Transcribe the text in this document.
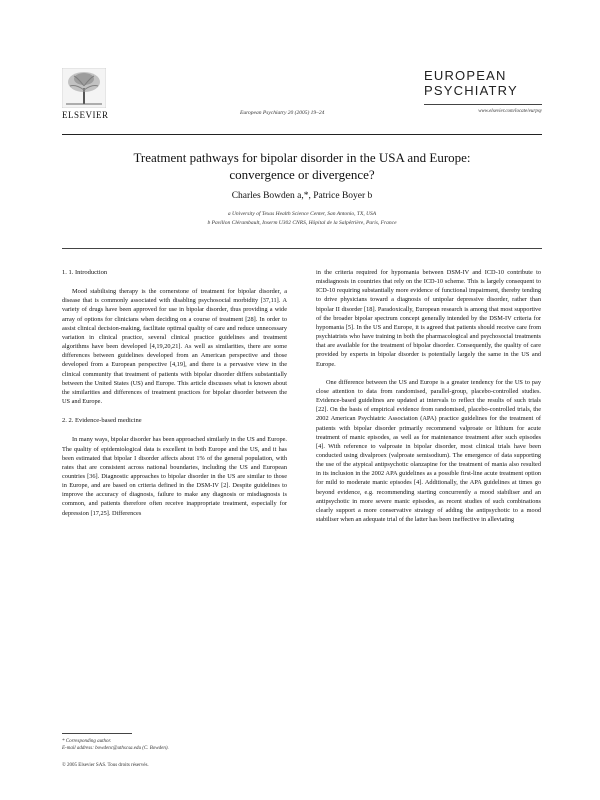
ELSEVIER	European Psychiatry 20 (2005) 19–24
EUROPEAN
PSYCHIATRY
www.elsevier.com/locate/eurpsy
Treatment pathways for bipolar disorder in the USA and Europe:
convergence or divergence?
Charles Bowden a,*, Patrice Boyer b
a University of Texas Health Science Center, San Antonio, TX, USA
b Pavillon Clérambault, Inserm U302 CNRS, Hôpital de la Salpêtrière, Paris, France
1. 1. Introduction

Mood stabilising therapy is the cornerstone of treatment for bipolar disorder, a disease that is commonly associated with disabling psychosocial morbidity [37,11]. A variety of drugs have been approved for use in bipolar disorder, thus providing a wide array of options for clinicians when deciding on a course of treatment [28]. In order to assist clinical decision-making, facilitate optimal quality of care and reduce unnecessary variation in clinical practice, several clinical practice guidelines and treatment algorithms have been developed [4,19,20,21]. As well as similarities, there are some differences between guidelines developed from an American perspective and those developed from a European perspective [4,19], and there is a pervasive view in the clinical community that treatment of patients with bipolar disorder differs substantially between the United States (US) and Europe. This article discusses what is known about the similarities and differences of treatment practices for bipolar disorder between the US and Europe.

2. 2. Evidence-based medicine

In many ways, bipolar disorder has been approached similarly in the US and Europe. The quality of epidemiological data is excellent in both Europe and the US, and it has been estimated that bipolar I disorder affects about 1% of the general population, with rates that are consistent across national boundaries, including the US and European countries [36]. Diagnostic approaches to bipolar disorder in the US are similar to those in Europe, and are based on criteria defined in the DSM-IV [2]. Despite guidelines to improve the accuracy of diagnosis, failure to make any diagnosis or misdiagnosis is common, and patients therefore often receive inappropriate treatment, especially for depression [17,25]. Differences

in the criteria required for hypomania between DSM-IV and ICD-10 contribute to misdiagnosis in countries that rely on the ICD-10 scheme. This is largely consequent to ICD-10 requiring substantially more evidence of functional impairment, thereby tending to drive physicians toward a diagnosis of unipolar depressive disorder, rather than bipolar II disorder [18]. Paradoxically, European research is among that most supportive of the broader bipolar spectrum concept generally intended by the DSM-IV criteria for hypomania [5]. In the US and Europe, it is agreed that patients should receive care from psychiatrists who have training in both the pharmacological and psychosocial treatments that are available for the treatment of bipolar disorder. Consequently, the quality of care provided by experts in bipolar disorder is potentially largely the same in the US and Europe.

One difference between the US and Europe is a greater tendency for the US to pay close attention to data from randomised, parallel-group, placebo-controlled studies. Evidence-based guidelines are updated at intervals to reflect the results of such trials [22]. On the basis of empirical evidence from randomised, placebo-controlled trials, the 2002 American Psychiatric Association (APA) practice guidelines for the treatment of patients with bipolar disorder primarily recommend valproate or lithium for acute treatment of manic episodes, as well as for maintenance treatment after such episodes [4]. With reference to valproate in bipolar disorder, most clinical trials have been conducted using divalproex (valproate semisodium). The emergence of data supporting the use of the atypical antipsychotic olanzapine for the treatment of mania also resulted in its inclusion in the 2002 APA guidelines as a possible first-line acute treatment option for mild to moderate manic episodes [4]. Additionally, the APA guidelines at times go beyond evidence, e.g. recommending starting concurrently a mood stabiliser and an antipsychotic in more severe manic episodes, as recent studies of such combinations clearly support a more conservative strategy of adding the antipsychotic to a mood stabiliser when an adequate trial of the latter has been ineffective in alleviating

* Corresponding author.
E-mail address: bowdenc@uthscsa.edu (C. Bowden).
© 2005 Elsevier SAS. Tous droits réservés.
